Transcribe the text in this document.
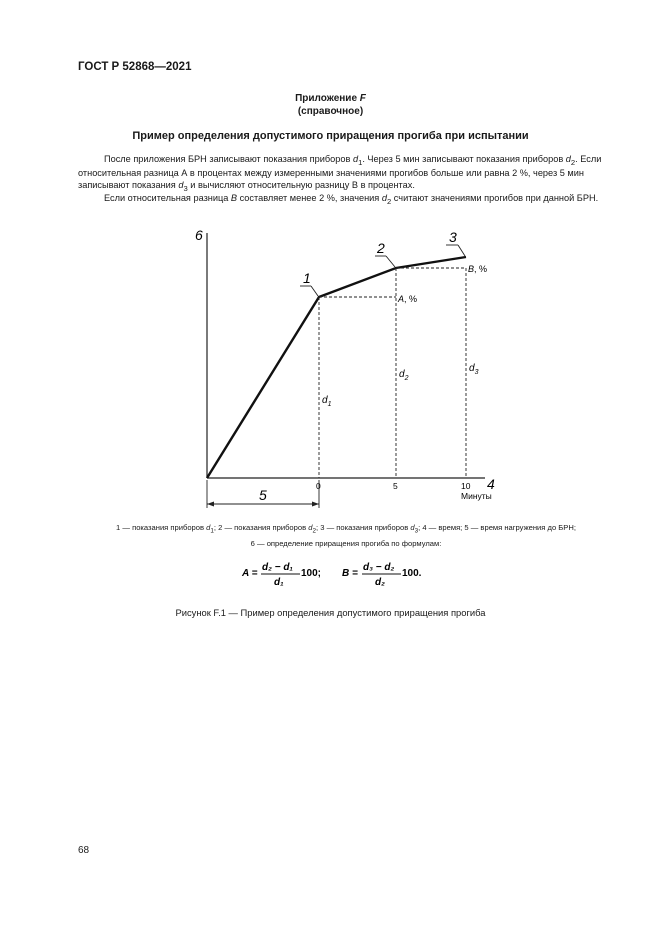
ГОСТ Р 52868—2021
Приложение F
(справочное)
Пример определения допустимого приращения прогиба при испытании
После приложения БРН записывают показания приборов $d_1$. Через 5 мин записывают показания приборов $d_2$. Если относительная разница А в процентах между измеренными значениями прогибов больше или равна 2 %, через 5 мин записывают показания $d_3$ и вычисляют относительную разницу В в процентах.
Если относительная разница B составляет менее 2 %, значения $d_2$ считают значениями прогибов при данной БРН.
6
4
1
2
3
A, %
B, %
$d_1$
$d_2$
$d_3$
0	5	10
Минуты
5
1 — показания приборов $d_1$; 2 — показания приборов $d_2$; 3 — показания приборов $d_3$; 4 — время; 5 — время нагружения до БРН;
6 — определение приращения прогиба по формулам:
A =
d₂ − d₁
d₁
100; B =
d₃ − d₂
d₂
100.
Рисунок F.1 — Пример определения допустимого приращения прогиба
68
